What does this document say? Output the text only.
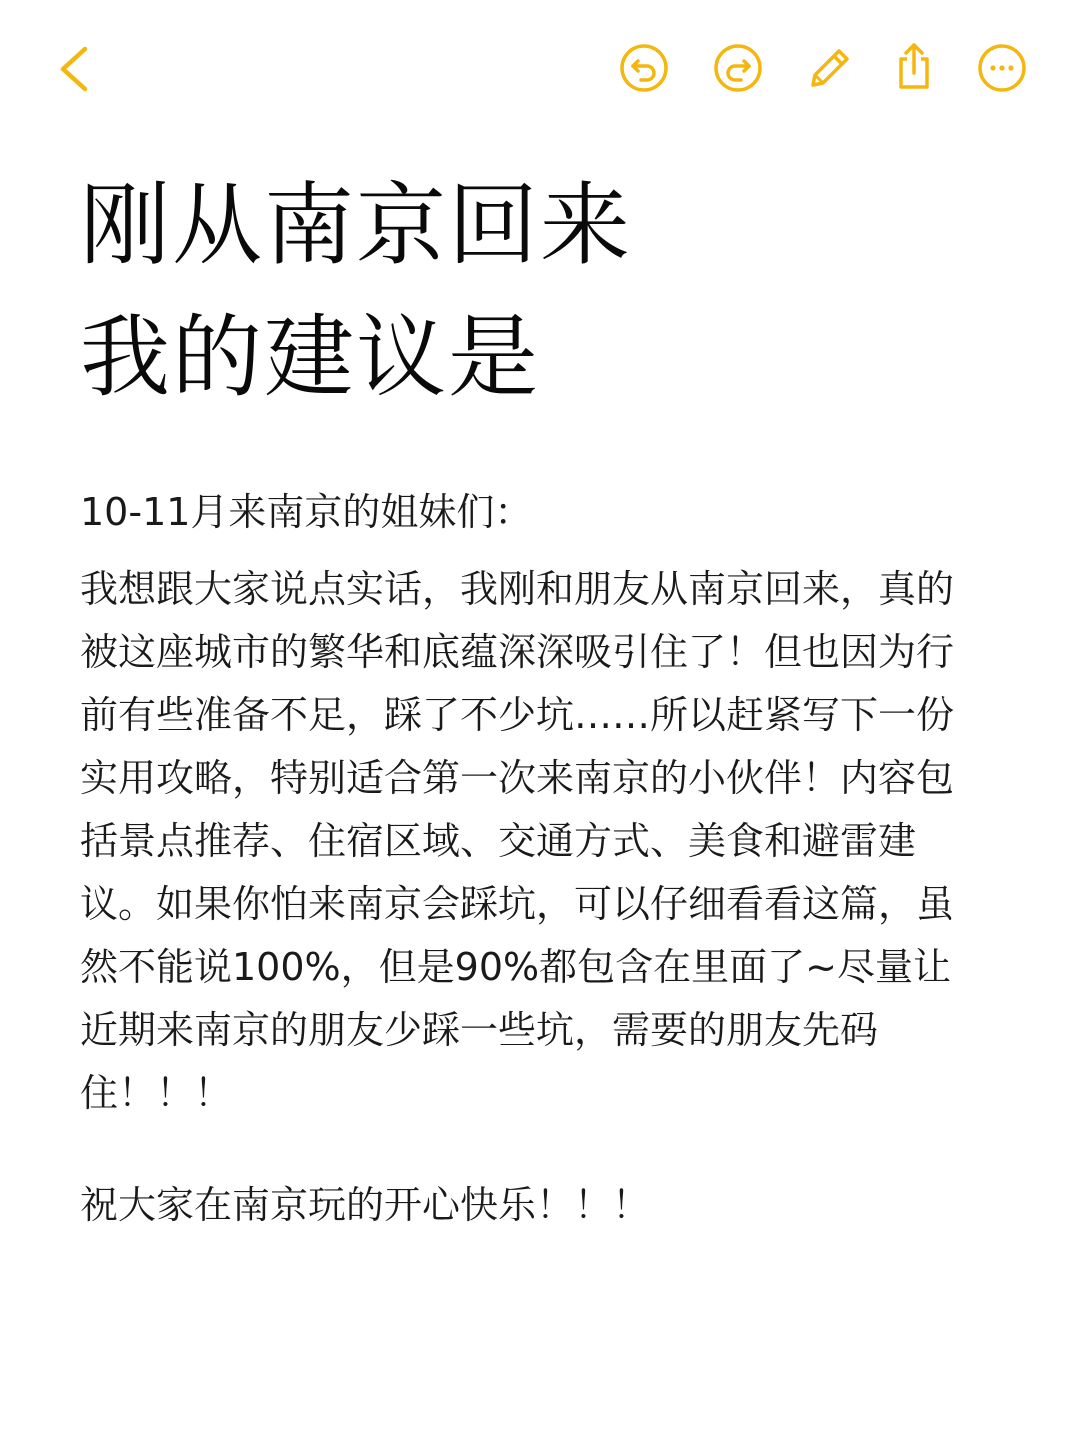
刚从南京回来
我的建议是
10-11月来南京的姐妹们：
我想跟大家说点实话，我刚和朋友从南京回来，真的被这座城市的繁华和底蕴深深吸引住了！但也因为行前有些准备不足，踩了不少坑……所以赶紧写下一份实用攻略，特别适合第一次来南京的小伙伴！内容包括景点推荐、住宿区域、交通方式、美食和避雷建议。如果你怕来南京会踩坑，可以仔细看看这篇，虽然不能说100%，但是90%都包含在里面了~尽量让近期来南京的朋友少踩一些坑，需要的朋友先码住！！！
祝大家在南京玩的开心快乐！！！
